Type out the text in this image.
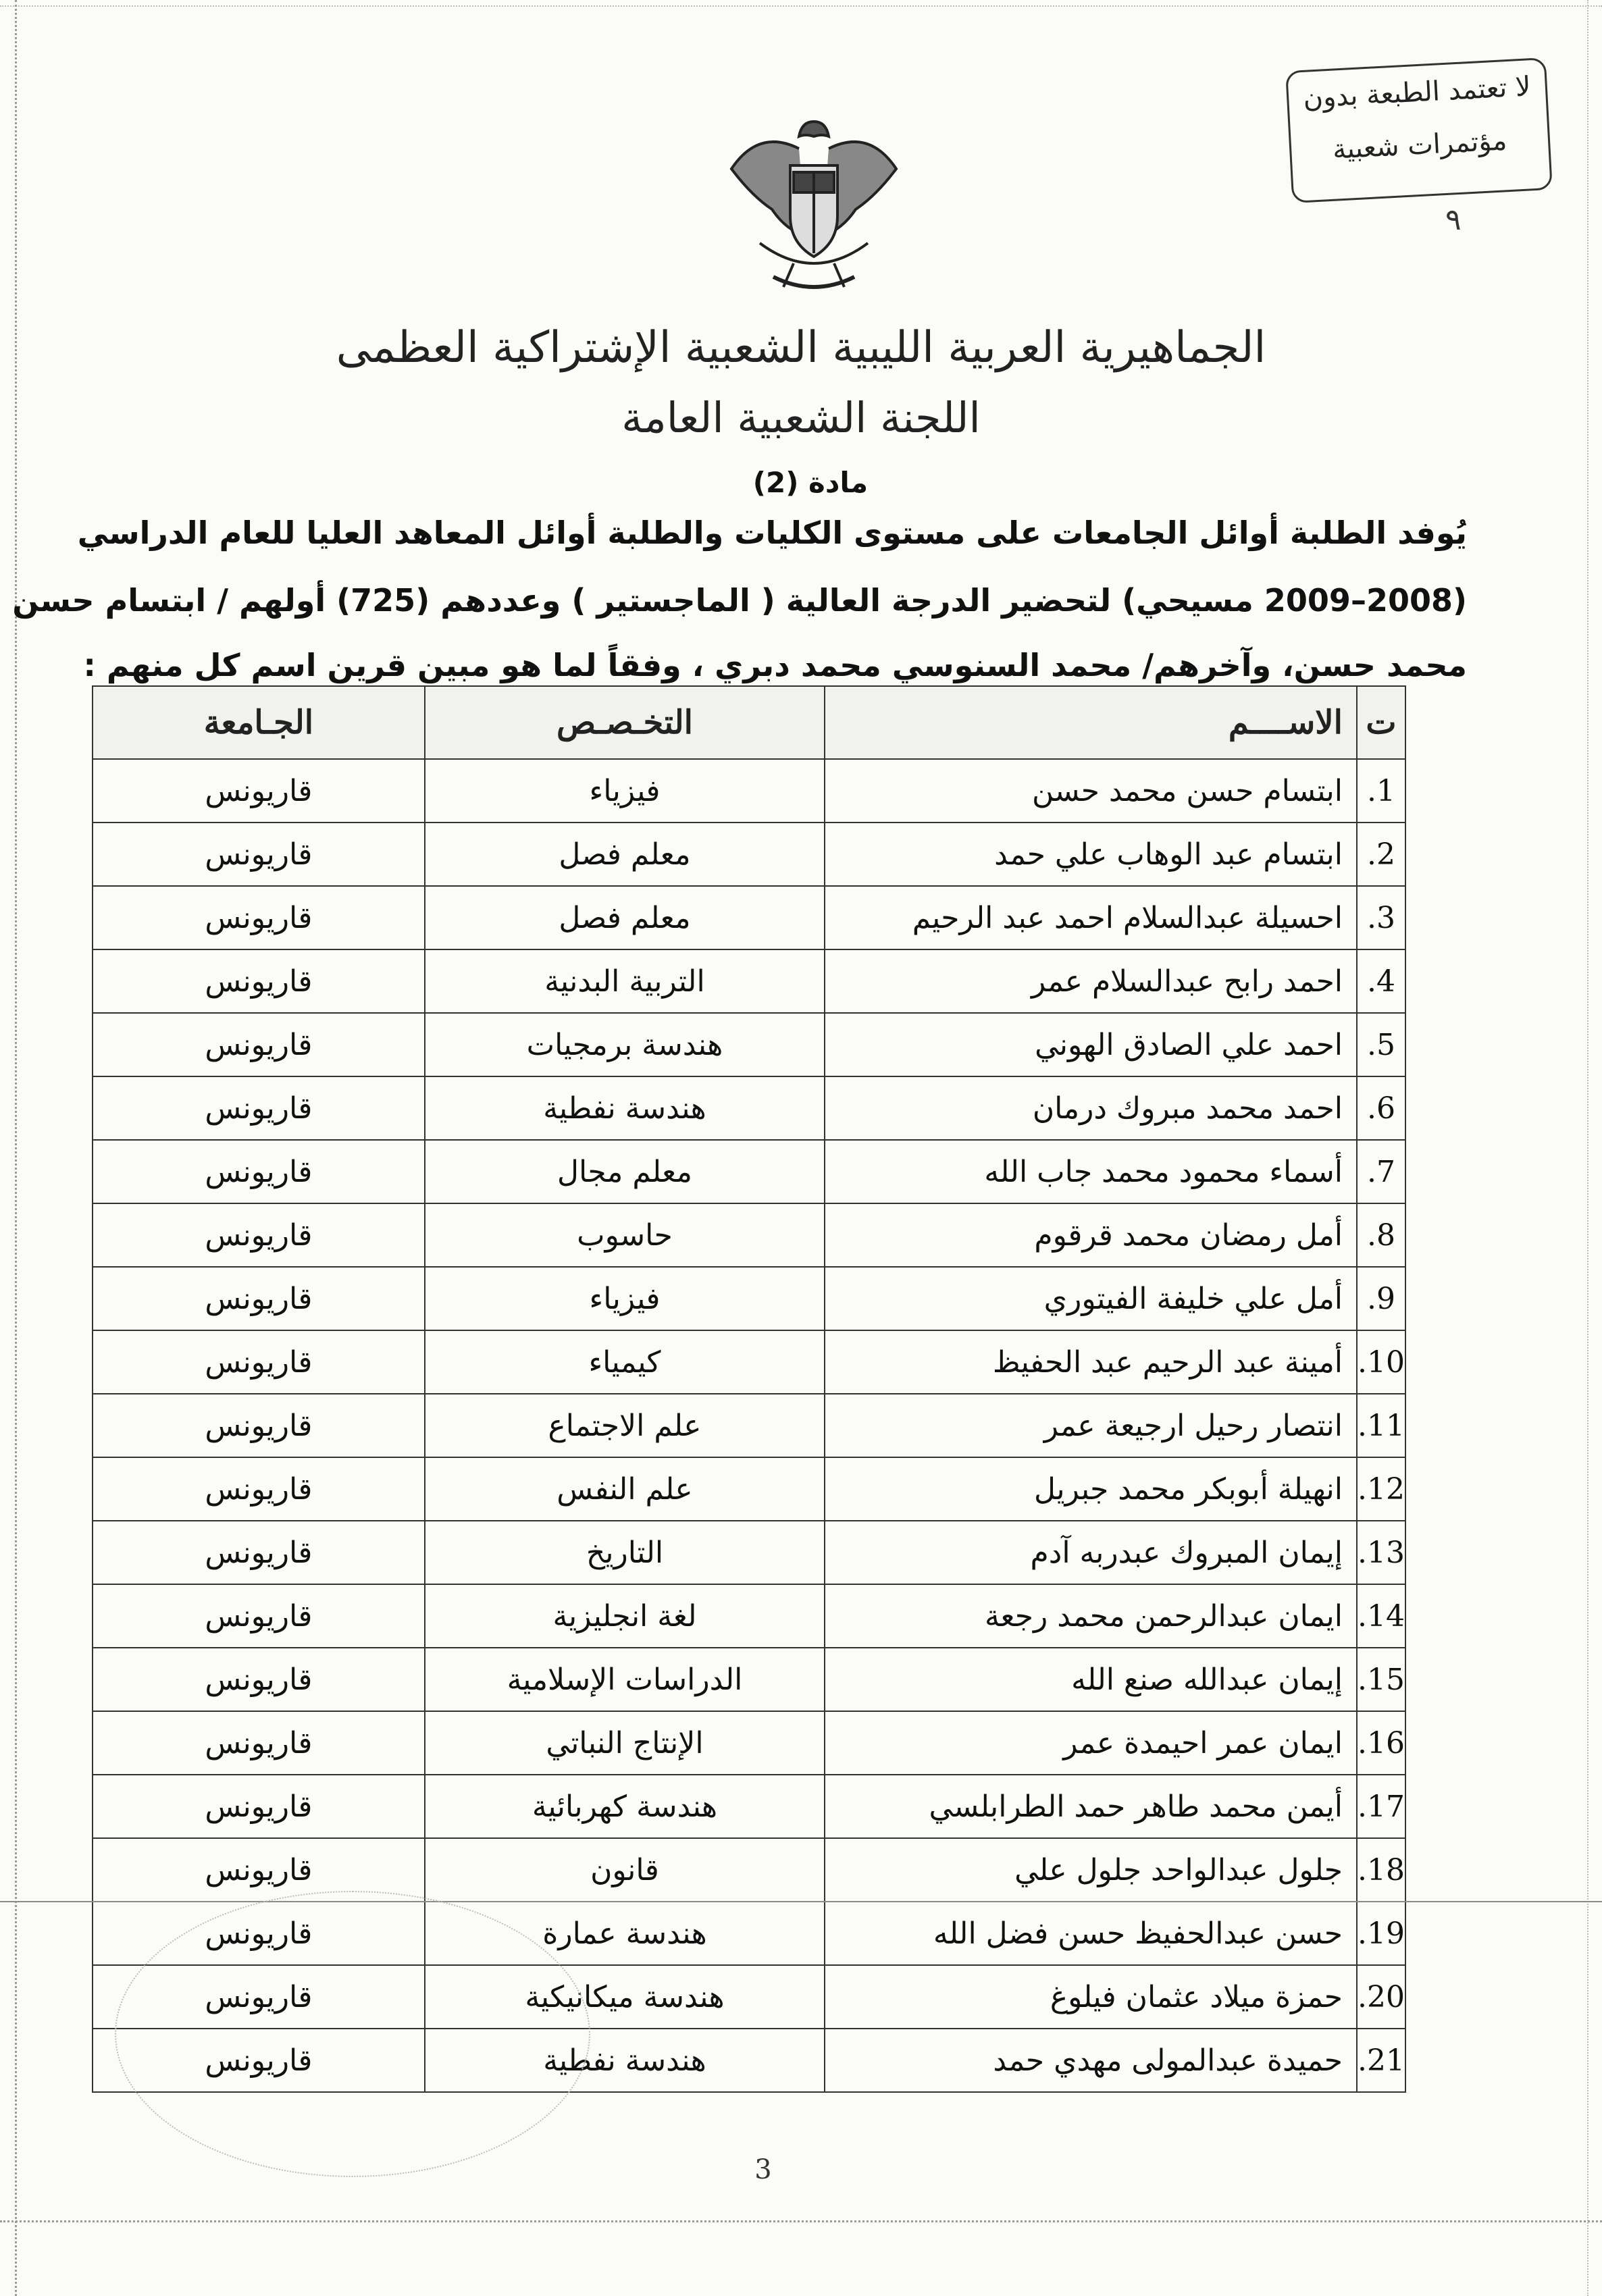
لا تعتمد الطبعة بدون
مؤتمرات شعبية
٩
الجماهيرية العربية الليبية الشعبية الإشتراكية العظمى
اللجنة الشعبية العامة
مادة (2)
يُوفد الطلبة أوائل الجامعات على مستوى الكليات والطلبة أوائل المعاهد العليا للعام الدراسي
(2008–2009 مسيحي) لتحضير الدرجة العالية ( الماجستير ) وعددهم (725) أولهم / ابتسام حسن
محمد حسن، وآخرهم/ محمد السنوسي محمد دبري ، وفقاً لما هو مبين قرين اسم كل منهم :
ت	الاســــم	التخـصـص	الجـامعة
1.	ابتسام حسن محمد حسن	فيزياء	قاريونس
2.	ابتسام عبد الوهاب علي حمد	معلم فصل	قاريونس
3.	احسيلة عبدالسلام احمد عبد الرحيم	معلم فصل	قاريونس
4.	احمد رابح عبدالسلام عمر	التربية البدنية	قاريونس
5.	احمد علي الصادق الهوني	هندسة برمجيات	قاريونس
6.	احمد محمد مبروك درمان	هندسة نفطية	قاريونس
7.	أسماء محمود محمد جاب الله	معلم مجال	قاريونس
8.	أمل رمضان محمد قرقوم	حاسوب	قاريونس
9.	أمل علي خليفة الفيتوري	فيزياء	قاريونس
10.	أمينة عبد الرحيم عبد الحفيظ	كيمياء	قاريونس
11.	انتصار رحيل ارجيعة عمر	علم الاجتماع	قاريونس
12.	انهيلة أبوبكر محمد جبريل	علم النفس	قاريونس
13.	إيمان المبروك عبدربه آدم	التاريخ	قاريونس
14.	ايمان عبدالرحمن محمد رجعة	لغة انجليزية	قاريونس
15.	إيمان عبدالله صنع الله	الدراسات الإسلامية	قاريونس
16.	ايمان عمر احيمدة عمر	الإنتاج النباتي	قاريونس
17.	أيمن محمد طاهر حمد الطرابلسي	هندسة كهربائية	قاريونس
18.	جلول عبدالواحد جلول علي	قانون	قاريونس
19.	حسن عبدالحفيظ حسن فضل الله	هندسة عمارة	قاريونس
20.	حمزة ميلاد عثمان فيلوغ	هندسة ميكانيكية	قاريونس
21.	حميدة عبدالمولى مهدي حمد	هندسة نفطية	قاريونس
3
